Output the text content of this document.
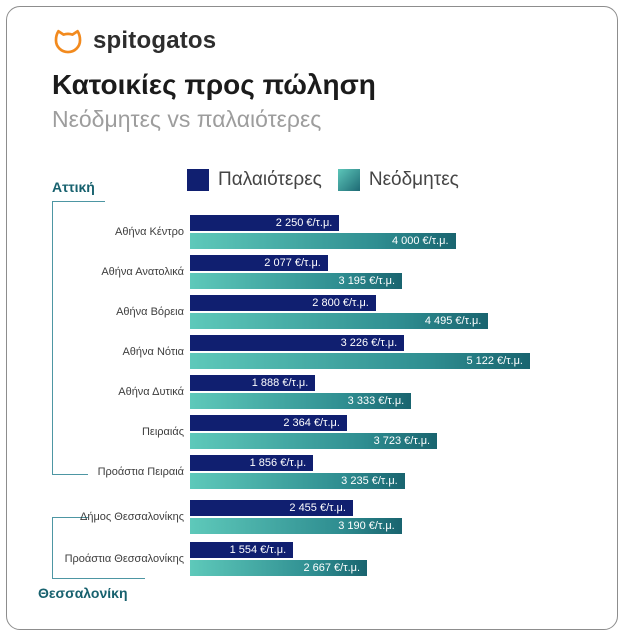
spitogatos
Κατοικίες προς πώληση
Νεόδμητες vs παλαιότερες
Παλαιότερες Νεόδμητες
Αττική
Θεσσαλονίκη
Αθήνα Κέντρο
2 250 €/τ.μ.
4 000 €/τ.μ.
Αθήνα Ανατολικά
2 077 €/τ.μ.
3 195 €/τ.μ.
Αθήνα Βόρεια
2 800 €/τ.μ.
4 495 €/τ.μ.
Αθήνα Νότια
3 226 €/τ.μ.
5 122 €/τ.μ.
Αθήνα Δυτικά
1 888 €/τ.μ.
3 333 €/τ.μ.
Πειραιάς
2 364 €/τ.μ.
3 723 €/τ.μ.
Προάστια Πειραιά
1 856 €/τ.μ.
3 235 €/τ.μ.
Δήμος Θεσσαλονίκης
2 455 €/τ.μ.
3 190 €/τ.μ.
Προάστια Θεσσαλονίκης
1 554 €/τ.μ.
2 667 €/τ.μ.
